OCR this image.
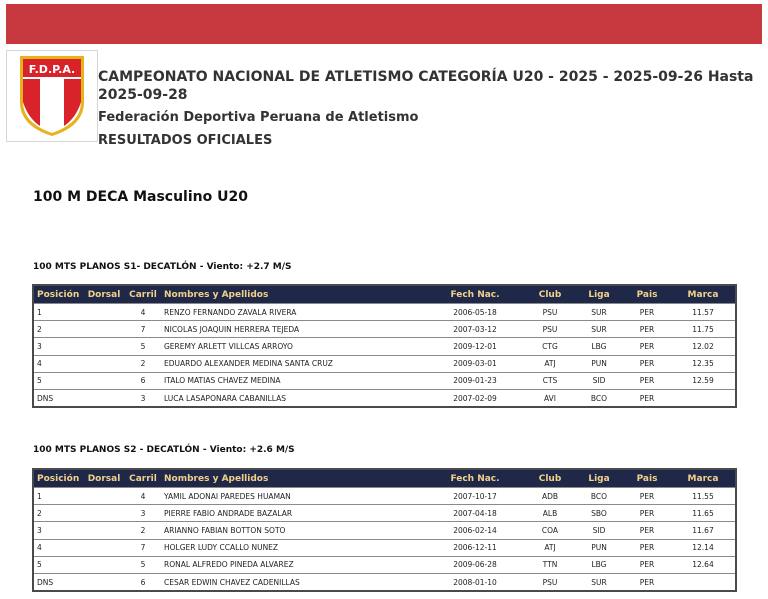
F.D.P.A. CAMPEONATO NACIONAL DE ATLETISMO CATEGORÍA U20 - 2025 - 2025-09-26 Hasta 2025-09-28
Federación Deportiva Peruana de Atletismo
RESULTADOS OFICIALES
100 M DECA Masculino U20
100 MTS PLANOS S1- DECATLÓN - Viento: +2.7 M/S
Posición	Dorsal	Carril	Nombres y Apellidos	Fech Nac.	Club	Liga	Pais	Marca
1		4	RENZO FERNANDO ZAVALA RIVERA	2006-05-18	PSU	SUR	PER	11.57
2		7	NICOLAS JOAQUIN HERRERA TEJEDA	2007-03-12	PSU	SUR	PER	11.75
3		5	GEREMY ARLETT VILLCAS ARROYO	2009-12-01	CTG	LBG	PER	12.02
4		2	EDUARDO ALEXANDER MEDINA SANTA CRUZ	2009-03-01	ATJ	PUN	PER	12.35
5		6	ITALO MATIAS CHAVEZ MEDINA	2009-01-23	CTS	SID	PER	12.59
DNS		3	LUCA LASAPONARA CABANILLAS	2007-02-09	AVI	BCO	PER	
100 MTS PLANOS S2 - DECATLÓN - Viento: +2.6 M/S
Posición	Dorsal	Carril	Nombres y Apellidos	Fech Nac.	Club	Liga	Pais	Marca
1		4	YAMIL ADONAI PAREDES HUAMAN	2007-10-17	ADB	BCO	PER	11.55
2		3	PIERRE FABIO ANDRADE BAZALAR	2007-04-18	ALB	SBO	PER	11.65
3		2	ARIANNO FABIAN BOTTON SOTO	2006-02-14	COA	SID	PER	11.67
4		7	HOLGER LUDY CCALLO NUNEZ	2006-12-11	ATJ	PUN	PER	12.14
5		5	RONAL ALFREDO PINEDA ALVAREZ	2009-06-28	TTN	LBG	PER	12.64
DNS		6	CESAR EDWIN CHAVEZ CADENILLAS	2008-01-10	PSU	SUR	PER	
